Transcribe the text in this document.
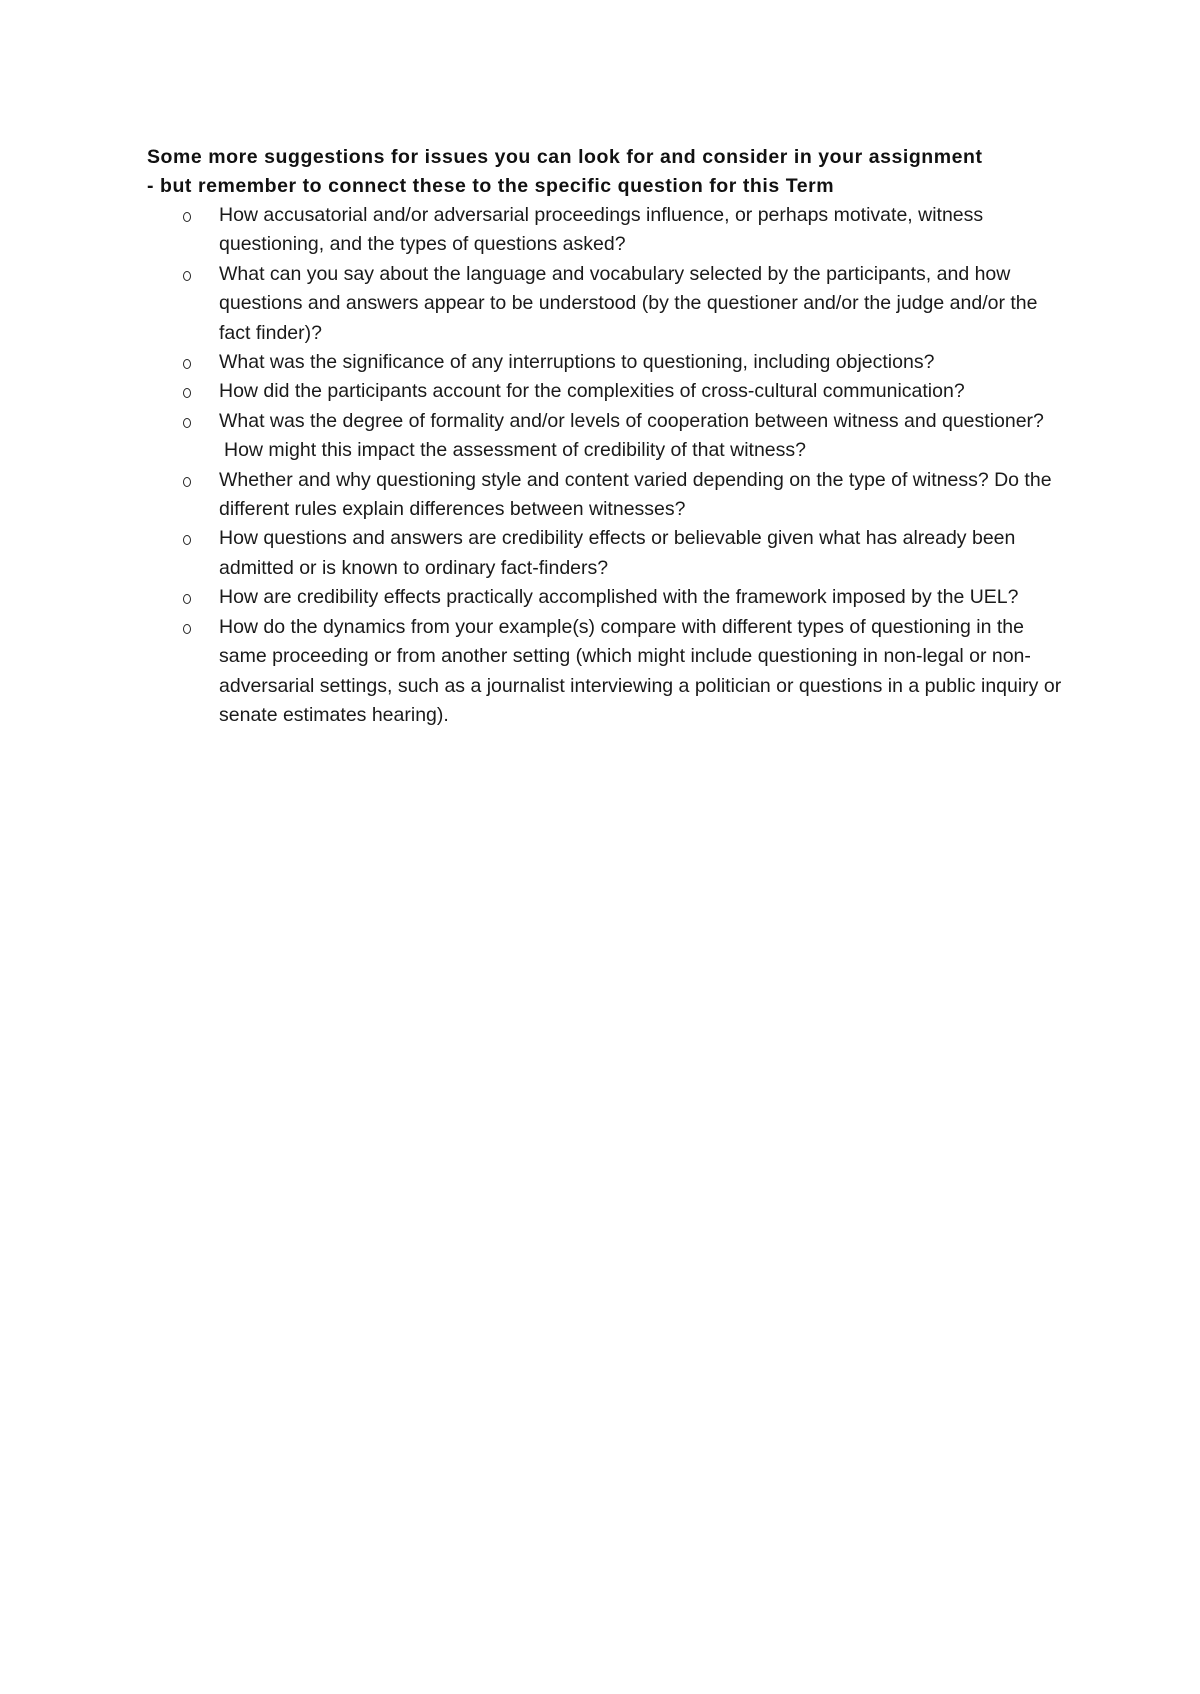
Some more suggestions for issues you can look for and consider in your assignment
- but remember to connect these to the specific question for this Term

How accusatorial and/or adversarial proceedings influence, or perhaps motivate, witness questioning, and the types of questions asked?
What can you say about the language and vocabulary selected by the participants, and how questions and answers appear to be understood (by the questioner and/or the judge and/or the fact finder)?
What was the significance of any interruptions to questioning, including objections?
How did the participants account for the complexities of cross-cultural communication?
What was the degree of formality and/or levels of cooperation between witness and questioner?
How might this impact the assessment of credibility of that witness?
Whether and why questioning style and content varied depending on the type of witness? Do the different rules explain differences between witnesses?
How questions and answers are credibility effects or believable given what has already been admitted or is known to ordinary fact-finders?
How are credibility effects practically accomplished with the framework imposed by the UEL?
How do the dynamics from your example(s) compare with different types of questioning in the same proceeding or from another setting (which might include questioning in non-legal or non-adversarial settings, such as a journalist interviewing a politician or questions in a public inquiry or senate estimates hearing).
